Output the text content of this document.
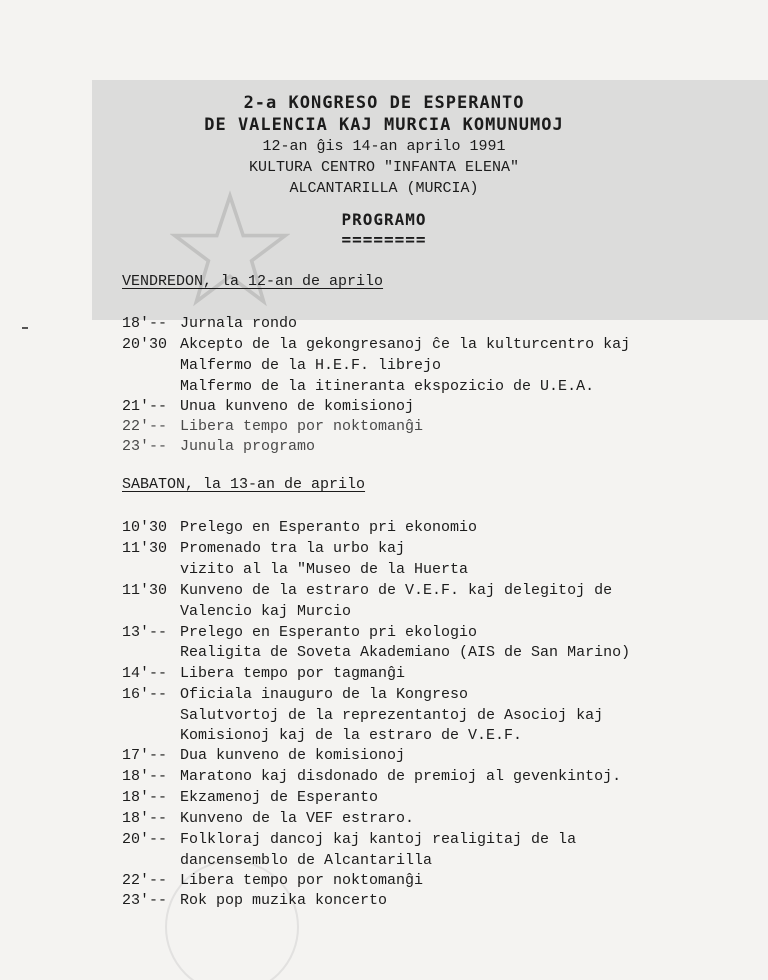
2-a KONGRESO DE ESPERANTO

DE VALENCIA KAJ MURCIA KOMUNUMOJ

12-an ĝis 14-an aprilo 1991

KULTURA CENTRO "INFANTA ELENA"

ALCANTARILLA (MURCIA)

PROGRAMO

========

VENDREDON, la 12-an de aprilo
18'-- Jurnala rondo
20'30 Akcepto de la gekongresanoj ĉe la kulturcentro kaj
Malfermo de la H.E.F. librejo
Malfermo de la itineranta ekspozicio de U.E.A.
21'-- Unua kunveno de komisionoj
22'-- Libera tempo por noktomanĝi
23'-- Junula programo
SABATON, la 13-an de aprilo
10'30 Prelego en Esperanto pri ekonomio
11'30 Promenado tra la urbo kaj
vizito al la "Museo de la Huerta
11'30 Kunveno de la estraro de V.E.F. kaj delegitoj de
Valencio kaj Murcio
13'-- Prelego en Esperanto pri ekologio
Realigita de Soveta Akademiano (AIS de San Marino)
14'-- Libera tempo por tagmanĝi
16'-- Oficiala inauguro de la Kongreso
Salutvortoj de la reprezentantoj de Asocioj kaj
Komisionoj kaj de la estraro de V.E.F.
17'-- Dua kunveno de komisionoj
18'-- Maratono kaj disdonado de premioj al gevenkintoj.
18'-- Ekzamenoj de Esperanto
18'-- Kunveno de la VEF estraro.
20'-- Folkloraj dancoj kaj kantoj realigitaj de la
dancensemblo de Alcantarilla
22'-- Libera tempo por noktomanĝi
23'-- Rok pop muzika koncerto
